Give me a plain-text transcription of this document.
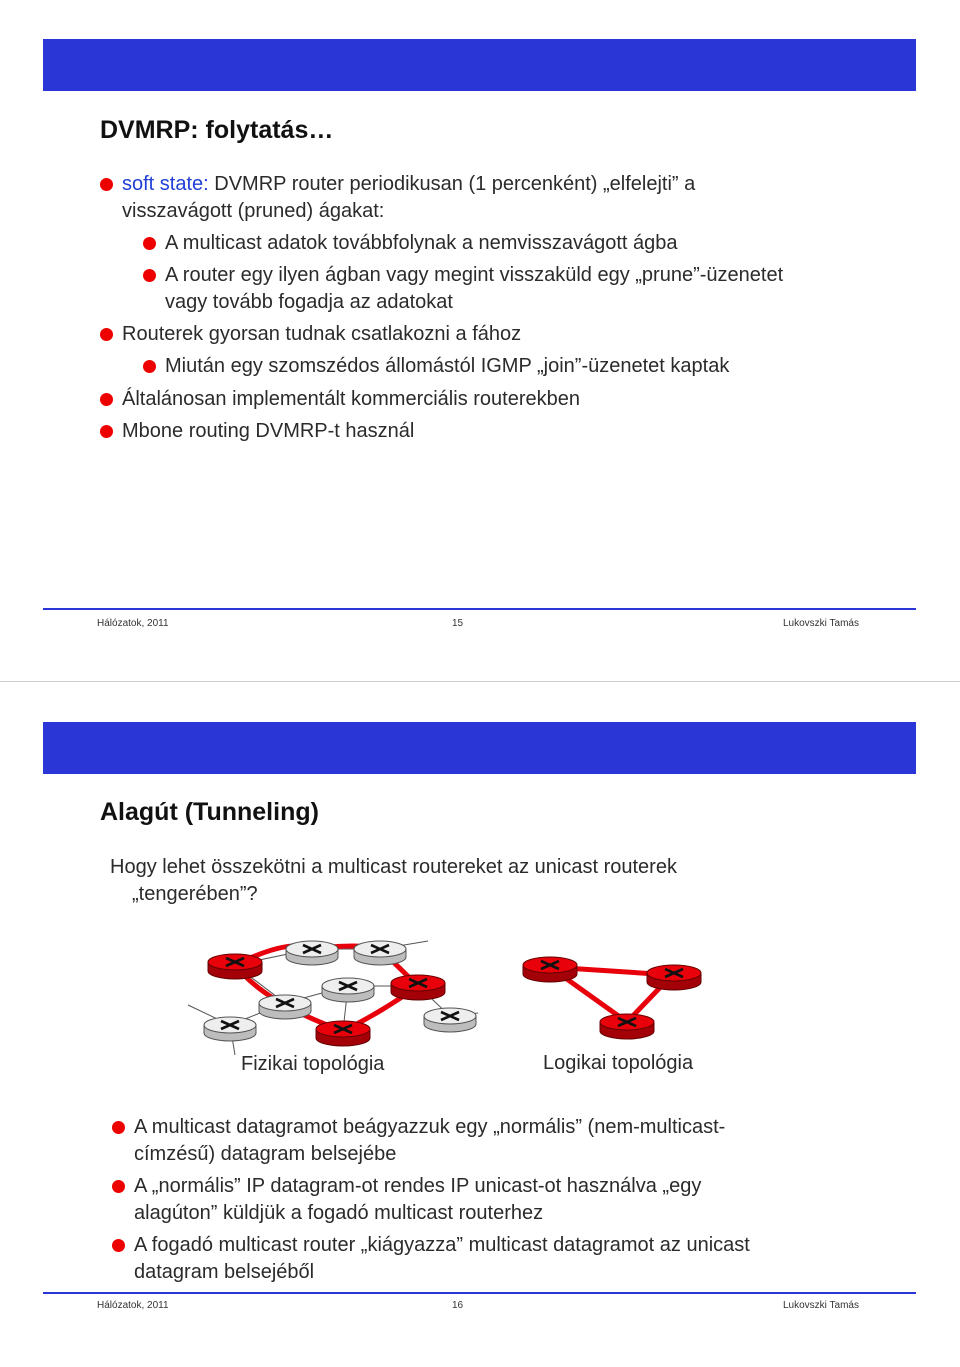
DVMRP: folytatás…
soft state: DVMRP router periodikusan (1 percenként) „elfelejti” a
visszavágott (pruned) ágakat:
A multicast adatok továbbfolynak a nemvisszavágott ágba
A router egy ilyen ágban vagy megint visszaküld egy „prune”-üzenetet
vagy tovább fogadja az adatokat
Routerek gyorsan tudnak csatlakozni a fához
Miután egy szomszédos állomástól IGMP „join”-üzenetet kaptak
Általánosan implementált kommerciális routerekben
Mbone routing DVMRP-t használ
Hálózatok, 2011	15	Lukovszki Tamás
Alagút (Tunneling)
Hogy lehet összekötni a multicast routereket az unicast routerek
„tengerében”?
Fizikai topológia	Logikai topológia
A multicast datagramot beágyazzuk egy „normális” (nem-multicast-
címzésű) datagram belsejébe
A „normális” IP datagram-ot rendes IP unicast-ot használva „egy
alagúton” küldjük a fogadó multicast routerhez
A fogadó multicast router „kiágyazza” multicast datagramot az unicast
datagram belsejéből
Hálózatok, 2011	16	Lukovszki Tamás
